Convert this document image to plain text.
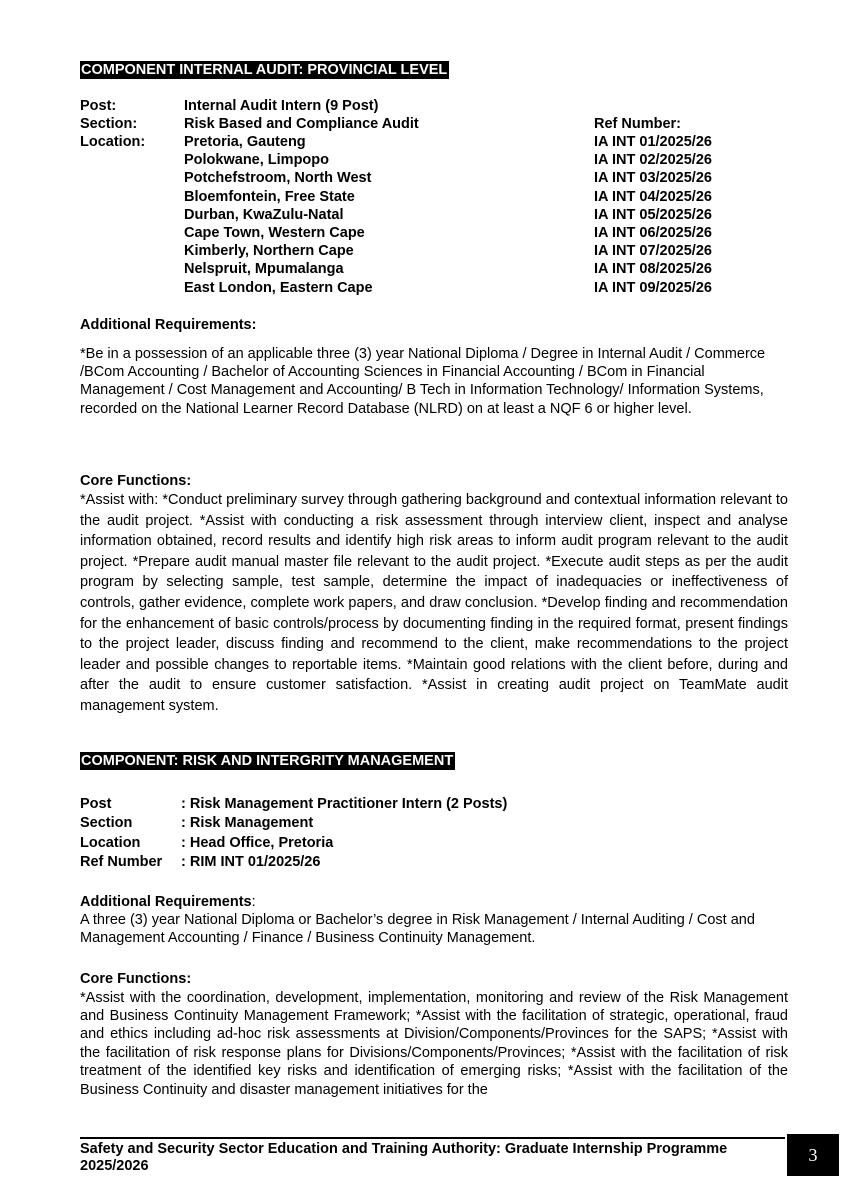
COMPONENT INTERNAL AUDIT: PROVINCIAL LEVEL
Post:	Internal Audit Intern (9 Post)
Section:	Risk Based and Compliance Audit	Ref Number:
Location:	Pretoria, Gauteng	IA INT 01/2025/26
Polokwane, Limpopo	IA INT 02/2025/26
Potchefstroom, North West	IA INT 03/2025/26
Bloemfontein, Free State	IA INT 04/2025/26
Durban, KwaZulu-Natal	IA INT 05/2025/26
Cape Town, Western Cape	IA INT 06/2025/26
Kimberly, Northern Cape	IA INT 07/2025/26
Nelspruit, Mpumalanga	IA INT 08/2025/26
East London, Eastern Cape	IA INT 09/2025/26
Additional Requirements:
*Be in a possession of an applicable three (3) year National Diploma / Degree in Internal Audit / Commerce /BCom Accounting / Bachelor of Accounting Sciences in Financial Accounting / BCom in Financial Management / Cost Management and Accounting/ B Tech in Information Technology/ Information Systems, recorded on the National Learner Record Database (NLRD) on at least a NQF 6 or higher level.
Core Functions:
*Assist with: *Conduct preliminary survey through gathering background and contextual information relevant to the audit project. *Assist with conducting a risk assessment through interview client, inspect and analyse information obtained, record results and identify high risk areas to inform audit program relevant to the audit project. *Prepare audit manual master file relevant to the audit project. *Execute audit steps as per the audit program by selecting sample, test sample, determine the impact of inadequacies or ineffectiveness of controls, gather evidence, complete work papers, and draw conclusion. *Develop finding and recommendation for the enhancement of basic controls/process by documenting finding in the required format, present findings to the project leader, discuss finding and recommend to the client, make recommendations to the project leader and possible changes to reportable items. *Maintain good relations with the client before, during and after the audit to ensure customer satisfaction. *Assist in creating audit project on TeamMate audit management system.
COMPONENT: RISK AND INTERGRITY MANAGEMENT
Post	: Risk Management Practitioner Intern (2 Posts)
Section	: Risk Management
Location	: Head Office, Pretoria
Ref Number : RIM INT 01/2025/26
Additional Requirements:
A three (3) year National Diploma or Bachelor’s degree in Risk Management / Internal Auditing / Cost and Management Accounting / Finance / Business Continuity Management.
Core Functions:
*Assist with the coordination, development, implementation, monitoring and review of the Risk Management and Business Continuity Management Framework; *Assist with the facilitation of strategic, operational, fraud and ethics including ad-hoc risk assessments at Division/Components/Provinces for the SAPS; *Assist with the facilitation of risk response plans for Divisions/Components/Provinces; *Assist with the facilitation of risk treatment of the identified key risks and identification of emerging risks; *Assist with the facilitation of the Business Continuity and disaster management initiatives for the
Safety and Security Sector Education and Training Authority: Graduate Internship Programme 2025/2026
3
